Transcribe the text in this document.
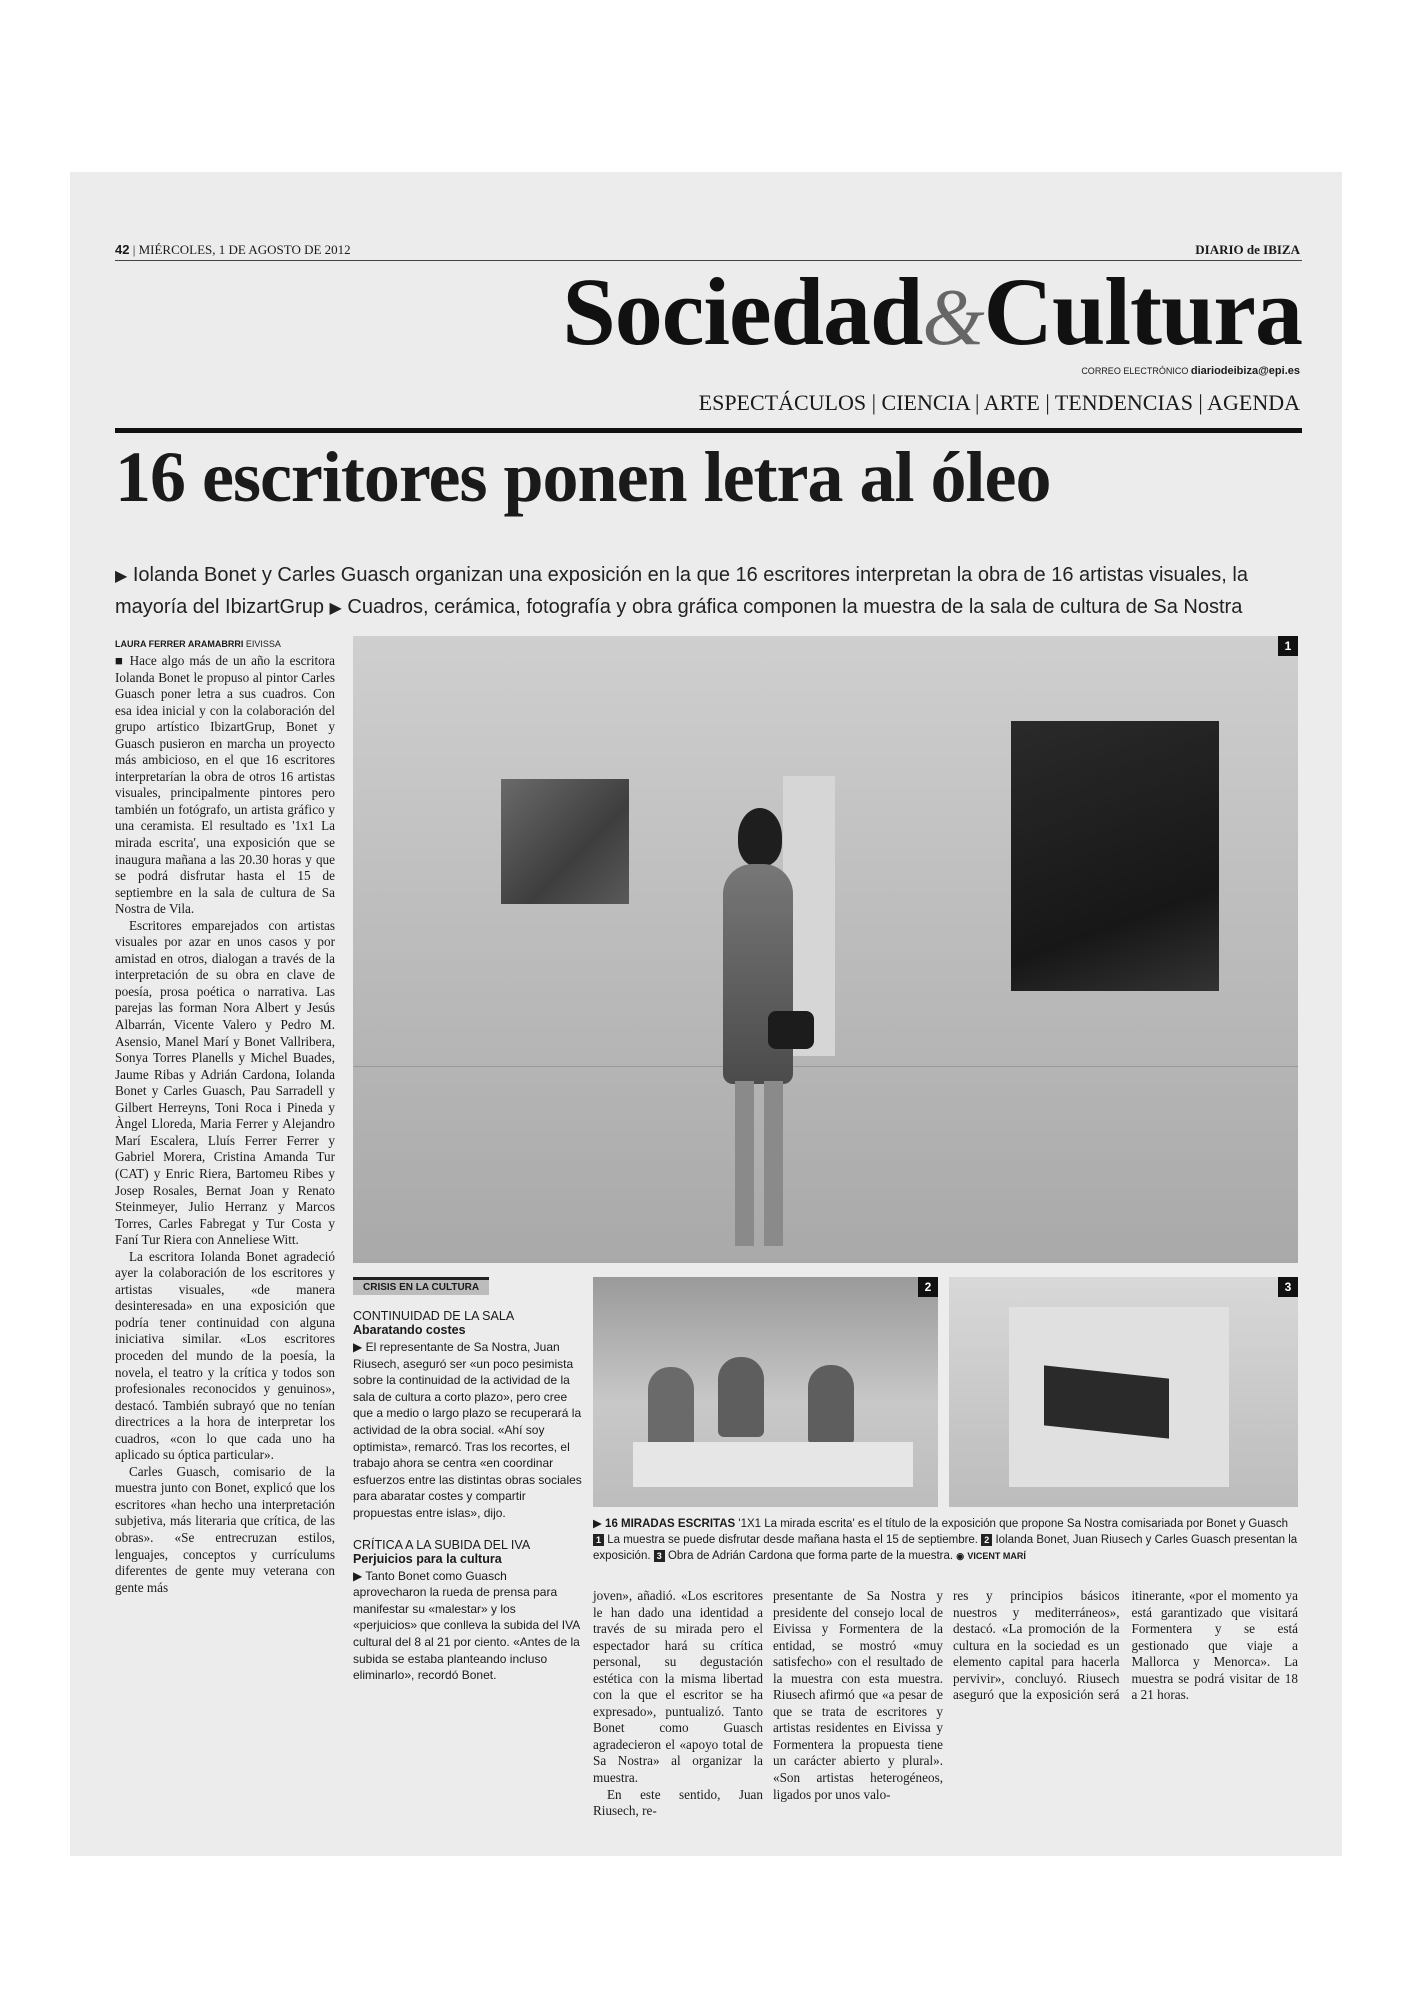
42 | MIÉRCOLES, 1 DE AGOSTO DE 2012	DIARIO de IBIZA
Sociedad&Cultura
CORREO ELECTRÓNICO diariodeibiza@epi.es
ESPECTÁCULOS | CIENCIA | ARTE | TENDENCIAS | AGENDA
16 escritores ponen letra al óleo
▶ Iolanda Bonet y Carles Guasch organizan una exposición en la que 16 escritores interpretan la obra de 16 artistas visuales, la mayoría del IbizartGrup ▶ Cuadros, cerámica, fotografía y obra gráfica componen la muestra de la sala de cultura de Sa Nostra
LAURA FERRER ARAMABRRI EIVISSA

■ Hace algo más de un año la escritora Iolanda Bonet le propuso al pintor Carles Guasch poner letra a sus cuadros. Con esa idea inicial y con la colaboración del grupo artístico IbizartGrup, Bonet y Guasch pusieron en marcha un proyecto más ambicioso, en el que 16 escritores interpretarían la obra de otros 16 artistas visuales, principalmente pintores pero también un fotógrafo, un artista gráfico y una ceramista. El resultado es '1x1 La mirada escrita', una exposición que se inaugura mañana a las 20.30 horas y que se podrá disfrutar hasta el 15 de septiembre en la sala de cultura de Sa Nostra de Vila.

Escritores emparejados con artistas visuales por azar en unos casos y por amistad en otros, dialogan a través de la interpretación de su obra en clave de poesía, prosa poética o narrativa. Las parejas las forman Nora Albert y Jesús Albarrán, Vicente Valero y Pedro M. Asensio, Manel Marí y Bonet Vallribera, Sonya Torres Planells y Michel Buades, Jaume Ribas y Adrián Cardona, Iolanda Bonet y Carles Guasch, Pau Sarradell y Gilbert Herreyns, Toni Roca i Pineda y Àngel Lloreda, Maria Ferrer y Alejandro Marí Escalera, Lluís Ferrer Ferrer y Gabriel Morera, Cristina Amanda Tur (CAT) y Enric Riera, Bartomeu Ribes y Josep Rosales, Bernat Joan y Renato Steinmeyer, Julio Herranz y Marcos Torres, Carles Fabregat y Tur Costa y Faní Tur Riera con Anneliese Witt.

La escritora Iolanda Bonet agradeció ayer la colaboración de los escritores y artistas visuales, «de manera desinteresada» en una exposición que podría tener continuidad con alguna iniciativa similar. «Los escritores proceden del mundo de la poesía, la novela, el teatro y la crítica y todos son profesionales reconocidos y genuinos», destacó. También subrayó que no tenían directrices a la hora de interpretar los cuadros, «con lo que cada uno ha aplicado su óptica particular».

Carles Guasch, comisario de la muestra junto con Bonet, explicó que los escritores «han hecho una interpretación subjetiva, más literaria que crítica, de las obras». «Se entrecruzan estilos, lenguajes, conceptos y currículums diferentes de gente muy veterana con gente más

1
CRISIS EN LA CULTURA
CONTINUIDAD DE LA SALA
Abaratando costes

▶ El representante de Sa Nostra, Juan Riusech, aseguró ser «un poco pesimista sobre la continuidad de la actividad de la sala de cultura a corto plazo», pero cree que a medio o largo plazo se recuperará la actividad de la obra social. «Ahí soy optimista», remarcó. Tras los recortes, el trabajo ahora se centra «en coordinar esfuerzos entre las distintas obras sociales para abaratar costes y compartir propuestas entre islas», dijo.

CRÍTICA A LA SUBIDA DEL IVA
Perjuicios para la cultura

▶ Tanto Bonet como Guasch aprovecharon la rueda de prensa para manifestar su «malestar» y los «perjuicios» que conlleva la subida del IVA cultural del 8 al 21 por ciento. «Antes de la subida se estaba planteando incluso eliminarlo», recordó Bonet.

2	3
▶ 16 MIRADAS ESCRITAS '1X1 La mirada escrita' es el título de la exposición que propone Sa Nostra comisariada por Bonet y Guasch 1 La muestra se puede disfrutar desde mañana hasta el 15 de septiembre. 2 Iolanda Bonet, Juan Riusech y Carles Guasch presentan la exposición. 3 Obra de Adrián Cardona que forma parte de la muestra. ◉ VICENT MARÍ

joven», añadió. «Los escritores le han dado una identidad a través de su mirada pero el espectador hará su crítica personal, su degustación estética con la misma libertad con la que el escritor se ha expresado», puntualizó. Tanto Bonet como Guasch agradecieron el «apoyo total de Sa Nostra» al organizar la muestra.

En este sentido, Juan Riusech, re-

presentante de Sa Nostra y presidente del consejo local de Eivissa y Formentera de la entidad, se mostró «muy satisfecho» con el resultado de la muestra con esta muestra. Riusech afirmó que «a pesar de que se trata de escritores y artistas residentes en Eivissa y Formentera la propuesta tiene un carácter abierto y plural». «Son artistas heterogéneos, ligados por unos valo-

res y principios básicos nuestros y mediterráneos», destacó. «La promoción de la cultura en la sociedad es un elemento capital para hacerla pervivir», concluyó. Riusech aseguró que la exposición será itinerante, «por el momento ya está garantizado que visitará Formentera y se está gestionado que viaje a Mallorca y Menorca». La muestra se podrá visitar de 18 a 21 horas.
